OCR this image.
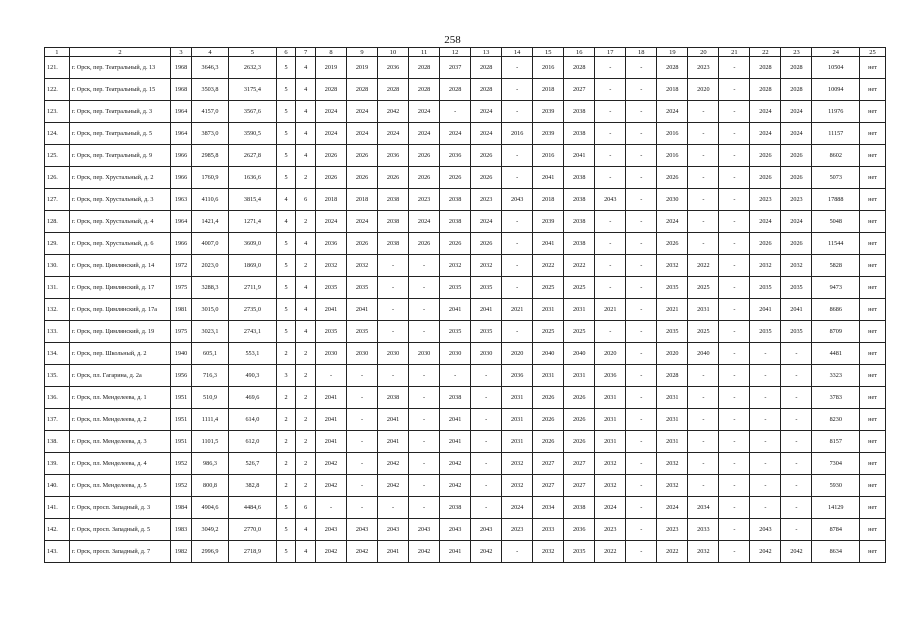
258
1	2	3	4	5	6	7	8	9	10	11	12	13	14	15	16	17	18	19	20	21	22	23	24	25
121.	г. Орск, пер. Театральный, д. 13	1968	3646,3	2632,3	5	4	2019	2019	2036	2028	2037	2028	-	2016	2028	-	-	2028	2023	-	2028	2028	10504	нет
122.	г. Орск, пер. Театральный, д. 15	1968	3503,8	3175,4	5	4	2028	2028	2028	2028	2028	2028	-	2018	2027	-	-	2018	2020	-	2028	2028	10094	нет
123.	г. Орск, пер. Театральный, д. 3	1964	4157,0	3567,6	5	4	2024	2024	2042	2024	-	2024	-	2039	2038	-	-	2024	-	-	2024	2024	11976	нет
124.	г. Орск, пер. Театральный, д. 5	1964	3873,0	3590,5	5	4	2024	2024	2024	2024	2024	2024	2016	2039	2038	-	-	2016	-	-	2024	2024	11157	нет
125.	г. Орск, пер. Театральный, д. 9	1966	2985,8	2627,8	5	4	2026	2026	2036	2026	2036	2026	-	2016	2041	-	-	2016	-	-	2026	2026	8602	нет
126.	г. Орск, пер. Хрустальный, д. 2	1966	1760,9	1636,6	5	2	2026	2026	2026	2026	2026	2026	-	2041	2038	-	-	2026	-	-	2026	2026	5073	нет
127.	г. Орск, пер. Хрустальный, д. 3	1963	4110,6	3815,4	4	6	2018	2018	2038	2023	2038	2023	2043	2018	2038	2043	-	2030	-	-	2023	2023	17888	нет
128.	г. Орск, пер. Хрустальный, д. 4	1964	1421,4	1271,4	4	2	2024	2024	2038	2024	2038	2024	-	2039	2038	-	-	2024	-	-	2024	2024	5048	нет
129.	г. Орск, пер. Хрустальный, д. 6	1966	4007,0	3609,0	5	4	2036	2026	2038	2026	2026	2026	-	2041	2038	-	-	2026	-	-	2026	2026	11544	нет
130.	г. Орск, пер. Цимлянский, д. 14	1972	2023,0	1869,0	5	2	2032	2032	-	-	2032	2032	-	2022	2022	-	-	2032	2022	-	2032	2032	5828	нет
131.	г. Орск, пер. Цимлянский, д. 17	1975	3288,3	2711,9	5	4	2035	2035	-	-	2035	2035	-	2025	2025	-	-	2035	2025	-	2035	2035	9473	нет
132.	г. Орск, пер. Цимлянский, д. 17а	1981	3015,0	2735,0	5	4	2041	2041	-	-	2041	2041	2021	2031	2031	2021	-	2021	2031	-	2041	2041	8686	нет
133.	г. Орск, пер. Цимлянский, д. 19	1975	3023,1	2743,1	5	4	2035	2035	-	-	2035	2035	-	2025	2025	-	-	2035	2025	-	2035	2035	8709	нет
134.	г. Орск, пер. Школьный, д. 2	1940	605,1	553,1	2	2	2030	2030	2030	2030	2030	2030	2020	2040	2040	2020	-	2020	2040	-	-	-	4481	нет
135.	г. Орск, пл. Гагарина, д. 2а	1956	716,3	490,3	3	2	-	-	-	-	-	-	2036	2031	2031	2036	-	2028	-	-	-	-	3323	нет
136.	г. Орск, пл. Менделеева, д. 1	1951	510,9	469,6	2	2	2041	-	2038	-	2038	-	2031	2026	2026	2031	-	2031	-	-	-	-	3783	нет
137.	г. Орск, пл. Менделеева, д. 2	1951	1111,4	614,0	2	2	2041	-	2041	-	2041	-	2031	2026	2026	2031	-	2031	-	-	-	-	8230	нет
138.	г. Орск, пл. Менделеева, д. 3	1951	1101,5	612,0	2	2	2041	-	2041	-	2041	-	2031	2026	2026	2031	-	2031	-	-	-	-	8157	нет
139.	г. Орск, пл. Менделеева, д. 4	1952	986,3	526,7	2	2	2042	-	2042	-	2042	-	2032	2027	2027	2032	-	2032	-	-	-	-	7304	нет
140.	г. Орск, пл. Менделеева, д. 5	1952	800,8	382,8	2	2	2042	-	2042	-	2042	-	2032	2027	2027	2032	-	2032	-	-	-	-	5930	нет
141.	г. Орск, просп. Западный, д. 3	1984	4904,6	4484,6	5	6	-	-	-	-	2038	-	2024	2034	2038	2024	-	2024	2034	-	-	-	14129	нет
142.	г. Орск, просп. Западный, д. 5	1983	3049,2	2770,0	5	4	2043	2043	2043	2043	2043	2043	2023	2033	2036	2023	-	2023	2033	-	2043	-	8784	нет
143.	г. Орск, просп. Западный, д. 7	1982	2996,9	2718,9	5	4	2042	2042	2041	2042	2041	2042	-	2032	2035	2022	-	2022	2032	-	2042	2042	8634	нет
